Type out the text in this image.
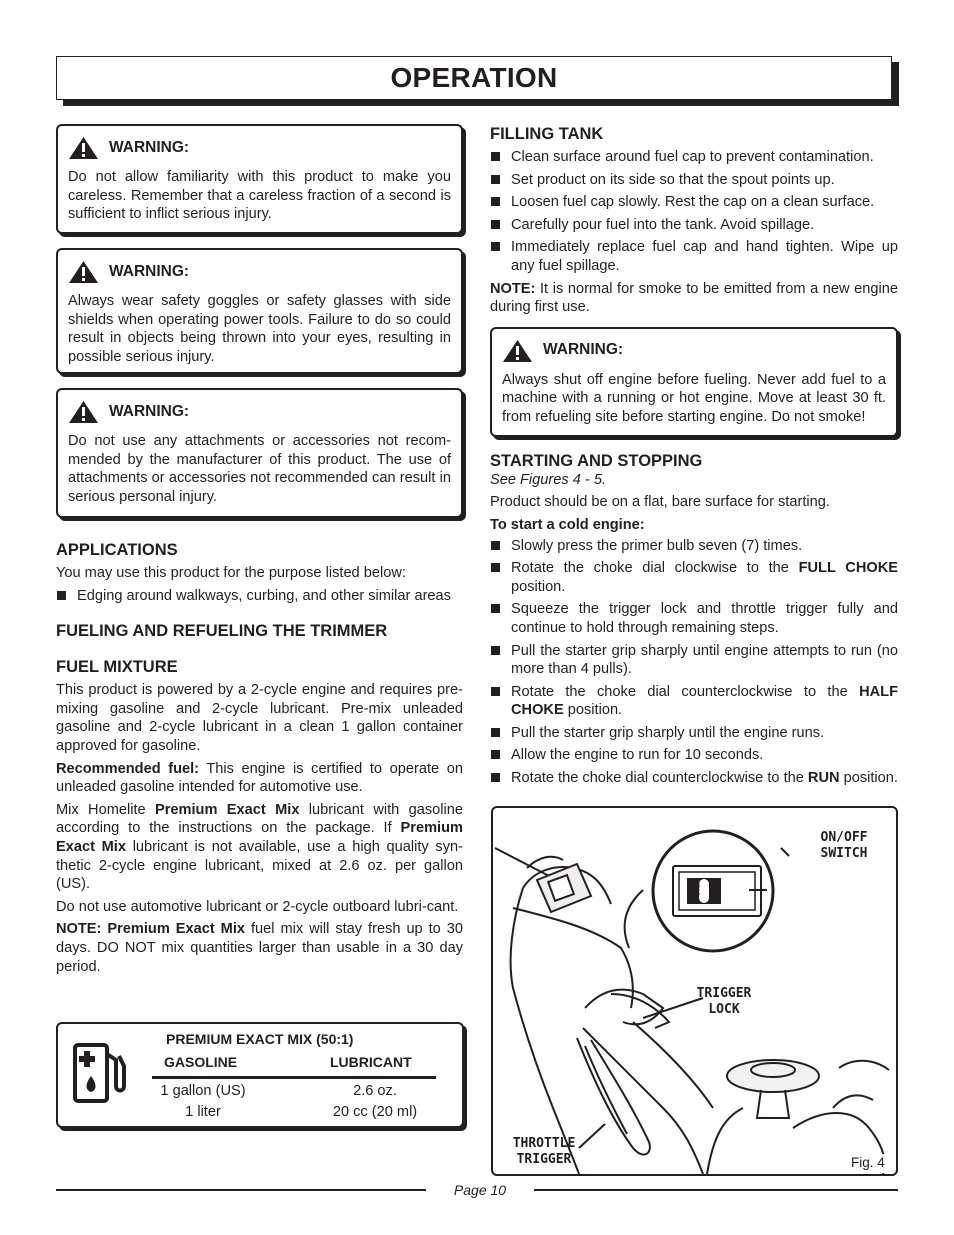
OPERATION
WARNING:

Do not allow familiarity with this product to make you careless. Remember that a careless fraction of a second is sufficient to inflict serious injury.

WARNING:

Always wear safety goggles or safety glasses with side shields when operating power tools. Failure to do so could result in objects being thrown into your eyes, resulting in possible serious injury.

WARNING:

Do not use any attachments or accessories not recom-mended by the manufacturer of this product. The use of attachments or accessories not recommended can result in serious personal injury.

APPLICATIONS

You may use this product for the purpose listed below:

Edging around walkways, curbing, and other similar areas
FUELING AND REFUELING THE TRIMMER
FUEL MIXTURE

This product is powered by a 2-cycle engine and requires pre-mixing gasoline and 2-cycle lubricant. Pre-mix unleaded gasoline and 2-cycle lubricant in a clean 1 gallon container approved for gasoline.

Recommended fuel: This engine is certified to operate on unleaded gasoline intended for automotive use.

Mix Homelite Premium Exact Mix lubricant with gasoline according to the instructions on the package. If Premium Exact Mix lubricant is not available, use a high quality syn-thetic 2-cycle engine lubricant, mixed at 2.6 oz. per gallon (US).

Do not use automotive lubricant or 2-cycle outboard lubri-cant.

NOTE: Premium Exact Mix fuel mix will stay fresh up to 30 days. DO NOT mix quantities larger than usable in a 30 day period.

PREMIUM EXACT MIX (50:1)
GASOLINE	LUBRICANT
1 gallon (US)	2.6 oz.
1 liter	20 cc (20 ml)
FILLING TANK
Clean surface around fuel cap to prevent contamination.
Set product on its side so that the spout points up.
Loosen fuel cap slowly. Rest the cap on a clean surface.
Carefully pour fuel into the tank. Avoid spillage.
Immediately replace fuel cap and hand tighten. Wipe up any fuel spillage.

NOTE: It is normal for smoke to be emitted from a new engine during first use.

WARNING:

Always shut off engine before fueling. Never add fuel to a machine with a running or hot engine. Move at least 30 ft. from refueling site before starting engine. Do not smoke!

STARTING AND STOPPING

See Figures 4 - 5.

Product should be on a flat, bare surface for starting.

To start a cold engine:

Slowly press the primer bulb seven (7) times.
Rotate the choke dial clockwise to the FULL CHOKE position.
Squeeze the trigger lock and throttle trigger fully and continue to hold through remaining steps.
Pull the starter grip sharply until engine attempts to run (no more than 4 pulls).
Rotate the choke dial counterclockwise to the HALF CHOKE position.
Pull the starter grip sharply until the engine runs.
Allow the engine to run for 10 seconds.
Rotate the choke dial counterclockwise to the RUN position.
STOP
ON/OFF
SWITCH
TRIGGER
LOCK
THROTTLE
TRIGGER	Fig. 4
Page 10
